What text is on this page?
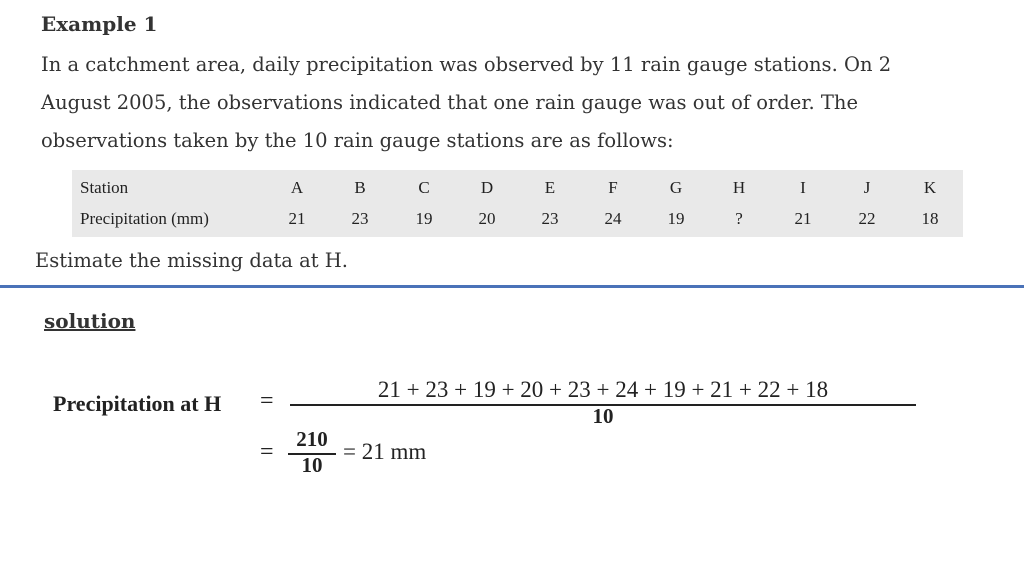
Example 1
In a catchment area, daily precipitation was observed by 11 rain gauge stations. On 2
August 2005, the observations indicated that one rain gauge was out of order. The
observations taken by the 10 rain gauge stations are as follows:
Station	A	B	C	D	E	F	G	H	I	J	K
Precipitation (mm)	21	23	19	20	23	24	19	?	21	22	18
Estimate the missing data at H.
solution
Precipitation at H =	21 + 23 + 19 + 20 + 23 + 24 + 19 + 21 + 22 + 18
10
=	210
10
= 21 mm
